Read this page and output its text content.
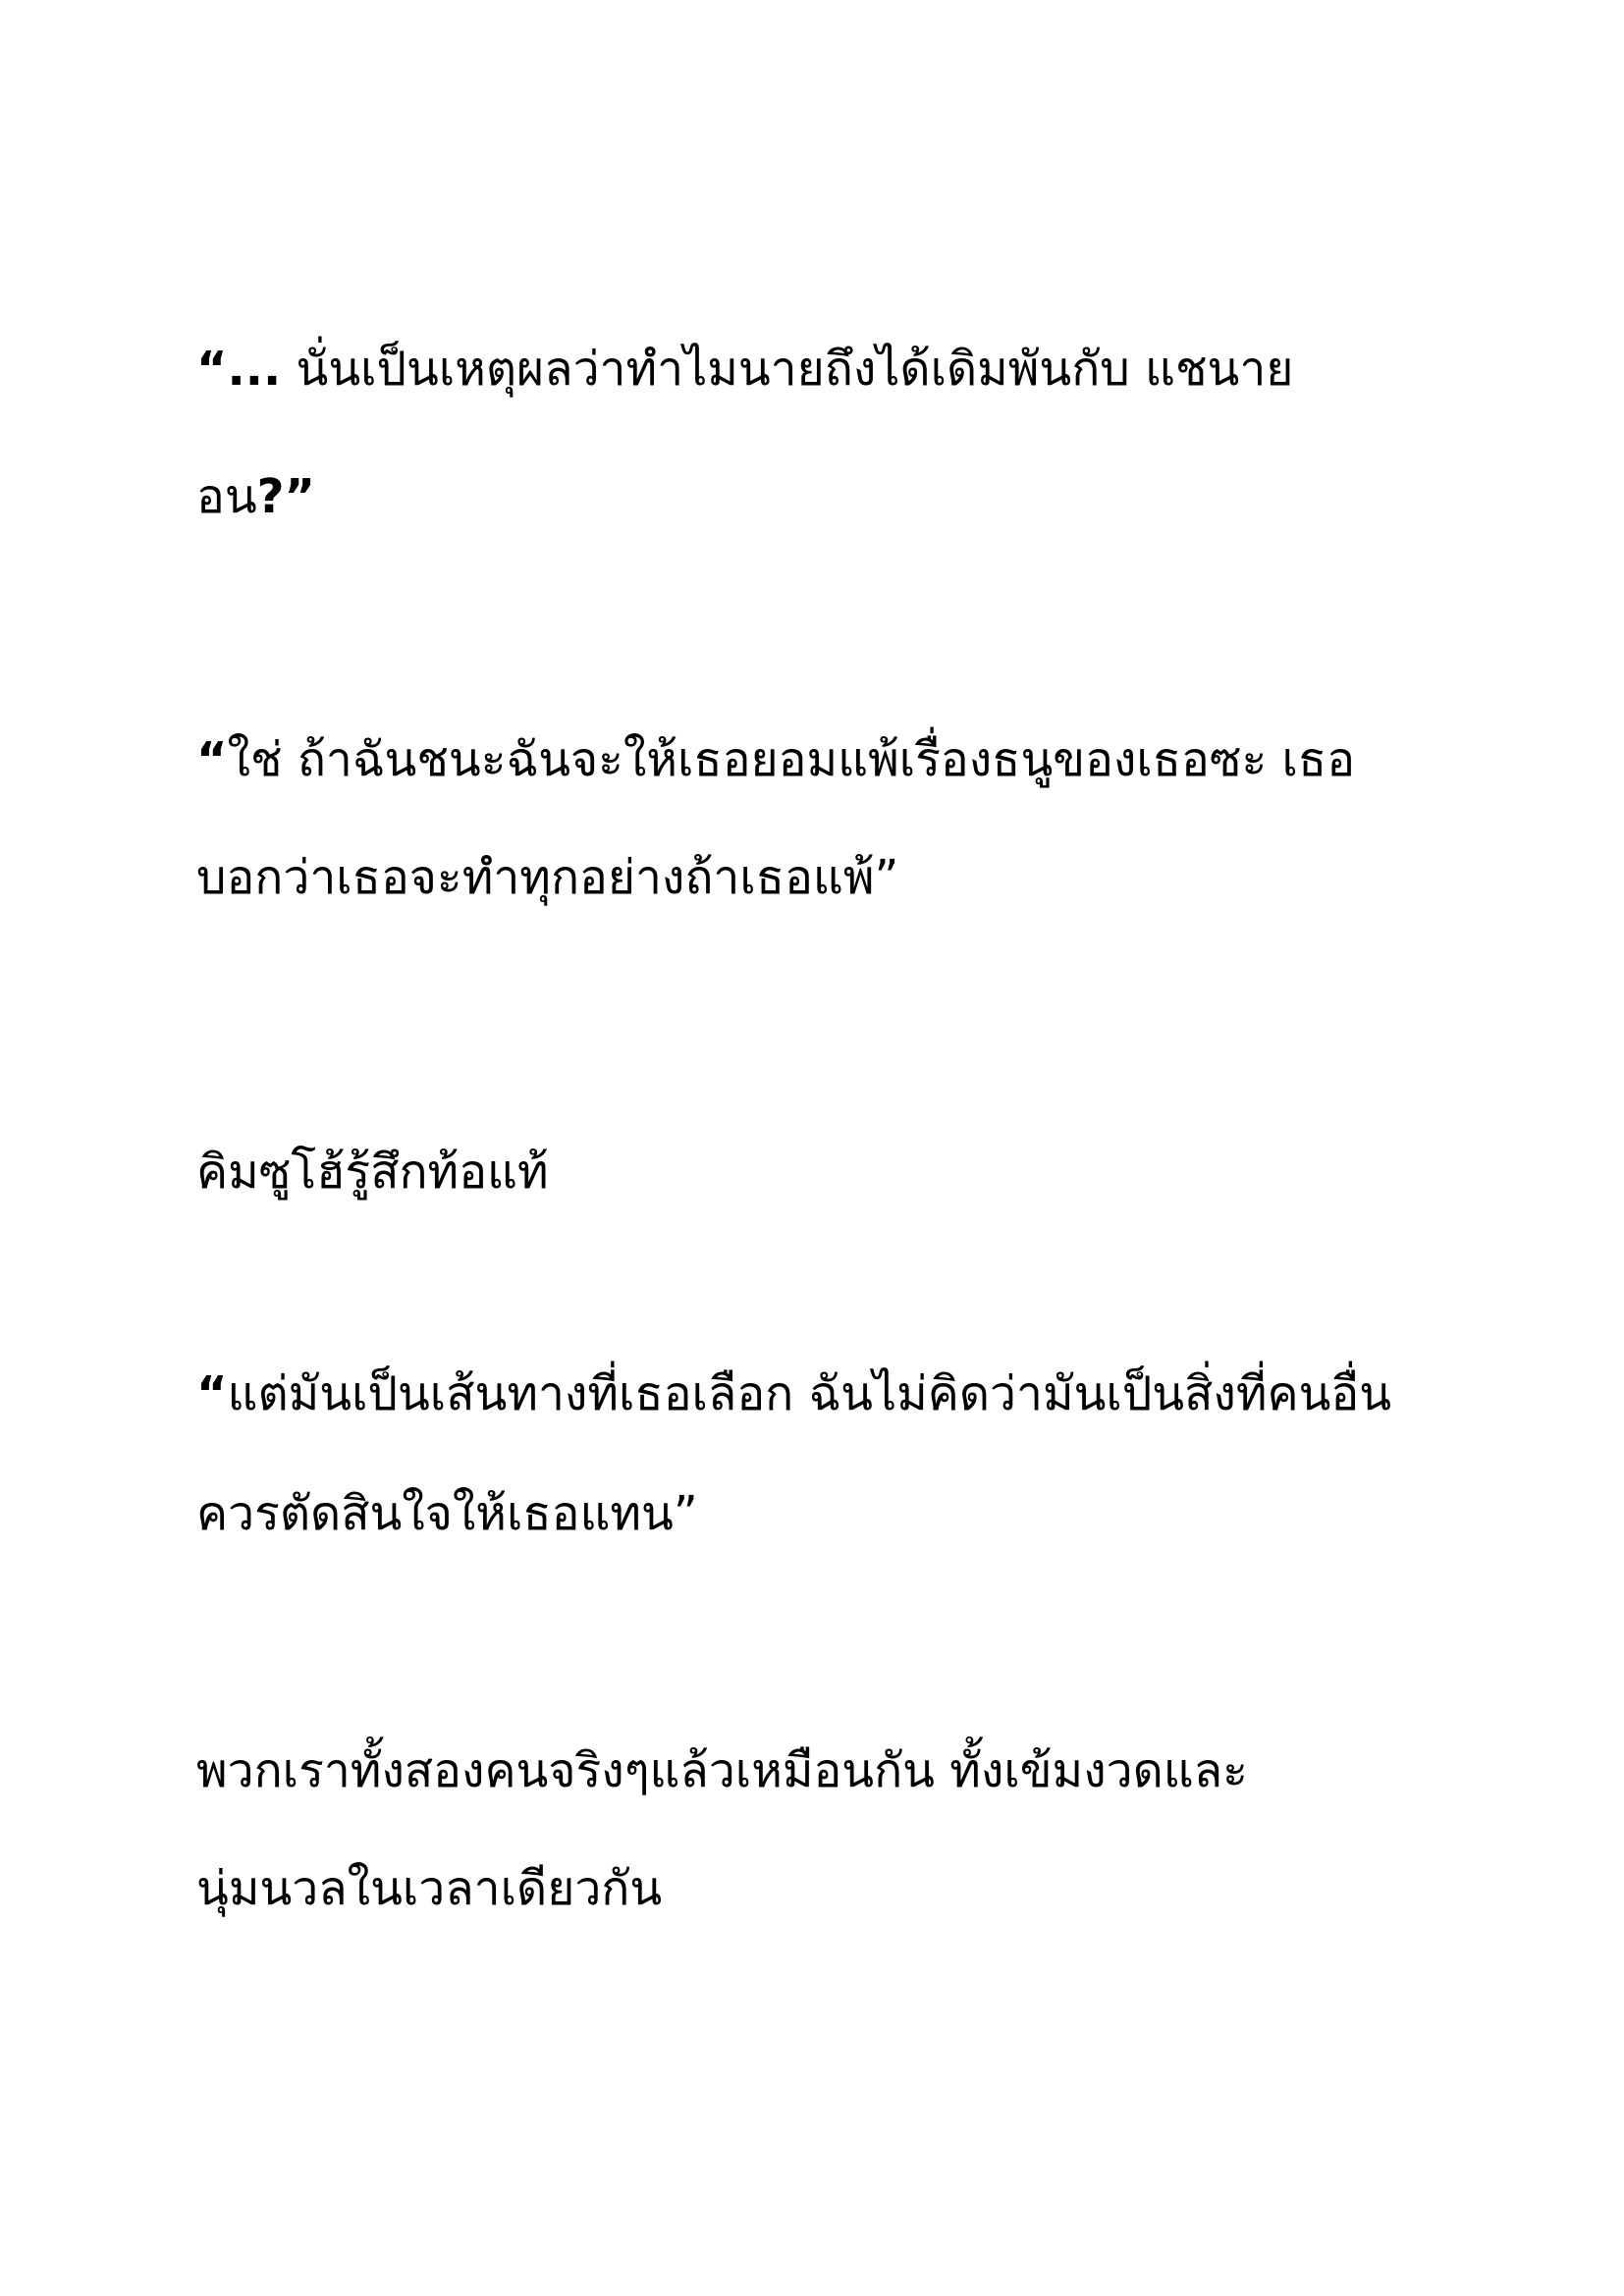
“... นั่นเป็นเหตุผลว่าทำไมนายถึงได้เดิมพันกับ แชนาย

อน?”

“ใช่ ถ้าฉันชนะฉันจะให้เธอยอมแพ้เรื่องธนูของเธอซะ เธอ

บอกว่าเธอจะทำทุกอย่างถ้าเธอแพ้”

คิมซูโฮ้รู้สึกท้อแท้

“แต่มันเป็นเส้นทางที่เธอเลือก ฉันไม่คิดว่ามันเป็นสิ่งที่คนอื่น

ควรตัดสินใจให้เธอแทน”

พวกเราทั้งสองคนจริงๆแล้วเหมือนกัน ทั้งเข้มงวดและ

นุ่มนวลในเวลาเดียวกัน
